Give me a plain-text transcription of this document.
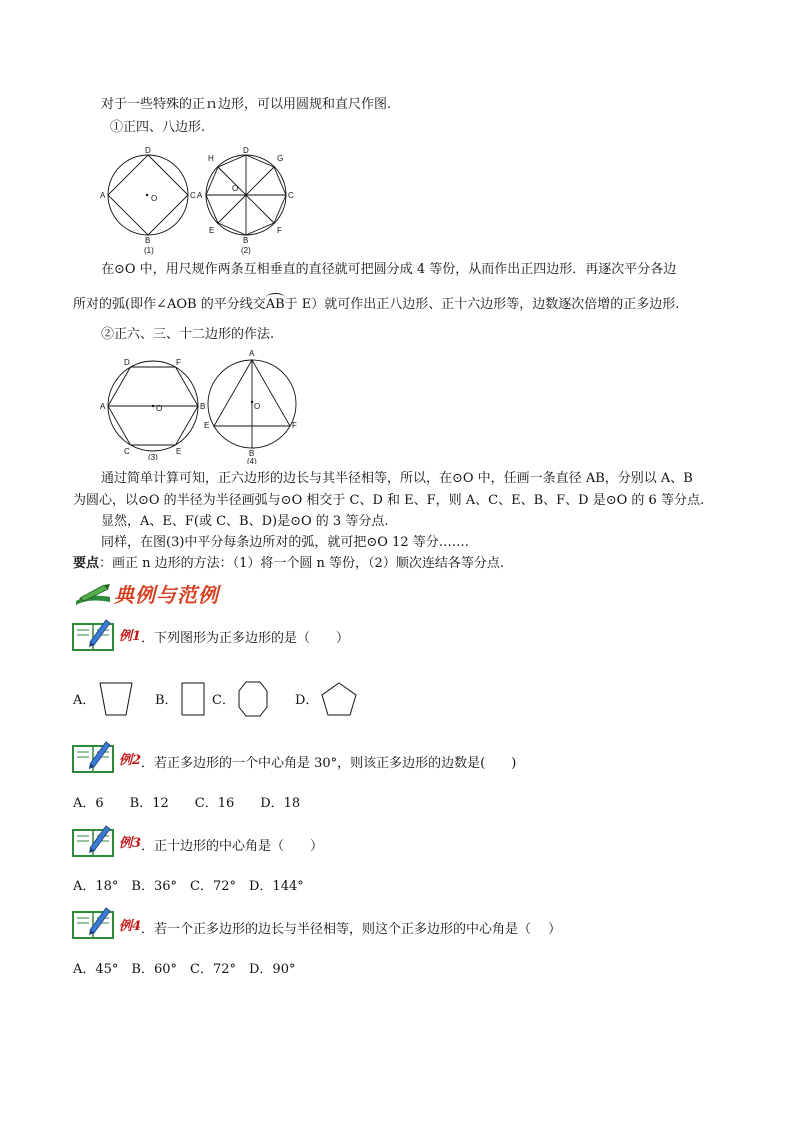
对于一些特殊的正ｎ边形，可以用圆规和直尺作图.
①正四、八边形.
D
A	C
B
O
(1)
H
D
G
A	C
E
B
F
O
(2)
在⊙O 中，用尺规作两条互相垂直的直径就可把圆分成 4 等份，从而作出正四边形．再逐次平分各边
所对的弧(即作∠AOB 的平分线交AB于 E）就可作出正八边形、正十六边形等，边数逐次倍增的正多边形.
②正六、三、十二边形的作法.
D	F
A	B
C	E
O
(3)
A
E	F
B
O
(4)
通过简单计算可知，正六边形的边长与其半径相等，所以，在⊙O 中，任画一条直径 AB，分别以 A、B
为圆心，以⊙O 的半径为半径画弧与⊙O 相交于 C、D 和 E、F，则 A、C、E、B、F、D 是⊙O 的 6 等分点.
显然，A、E、F(或 C、B、D)是⊙O 的 3 等分点.
同样，在图(3)中平分每条边所对的弧，就可把⊙O 12 等分…….
要点：画正 n 边形的方法：（1）将一个圆 n 等份，（2）顺次连结各等分点.
典例与范例
例1 ．下列图形为正多边形的是（　　）
A．	B．	C．	D．
例2 ．若正多边形的一个中心角是 30°，则该正多边形的边数是(　　)
A．6　　B．12　　C．16　　D．18
例3 ．正十边形的中心角是（　　）
A．18°　B．36°　C．72°　D．144°
例4 ．若一个正多边形的边长与半径相等，则这个正多边形的中心角是（　 ）
A．45°　B．60°　C．72°　D．90°
